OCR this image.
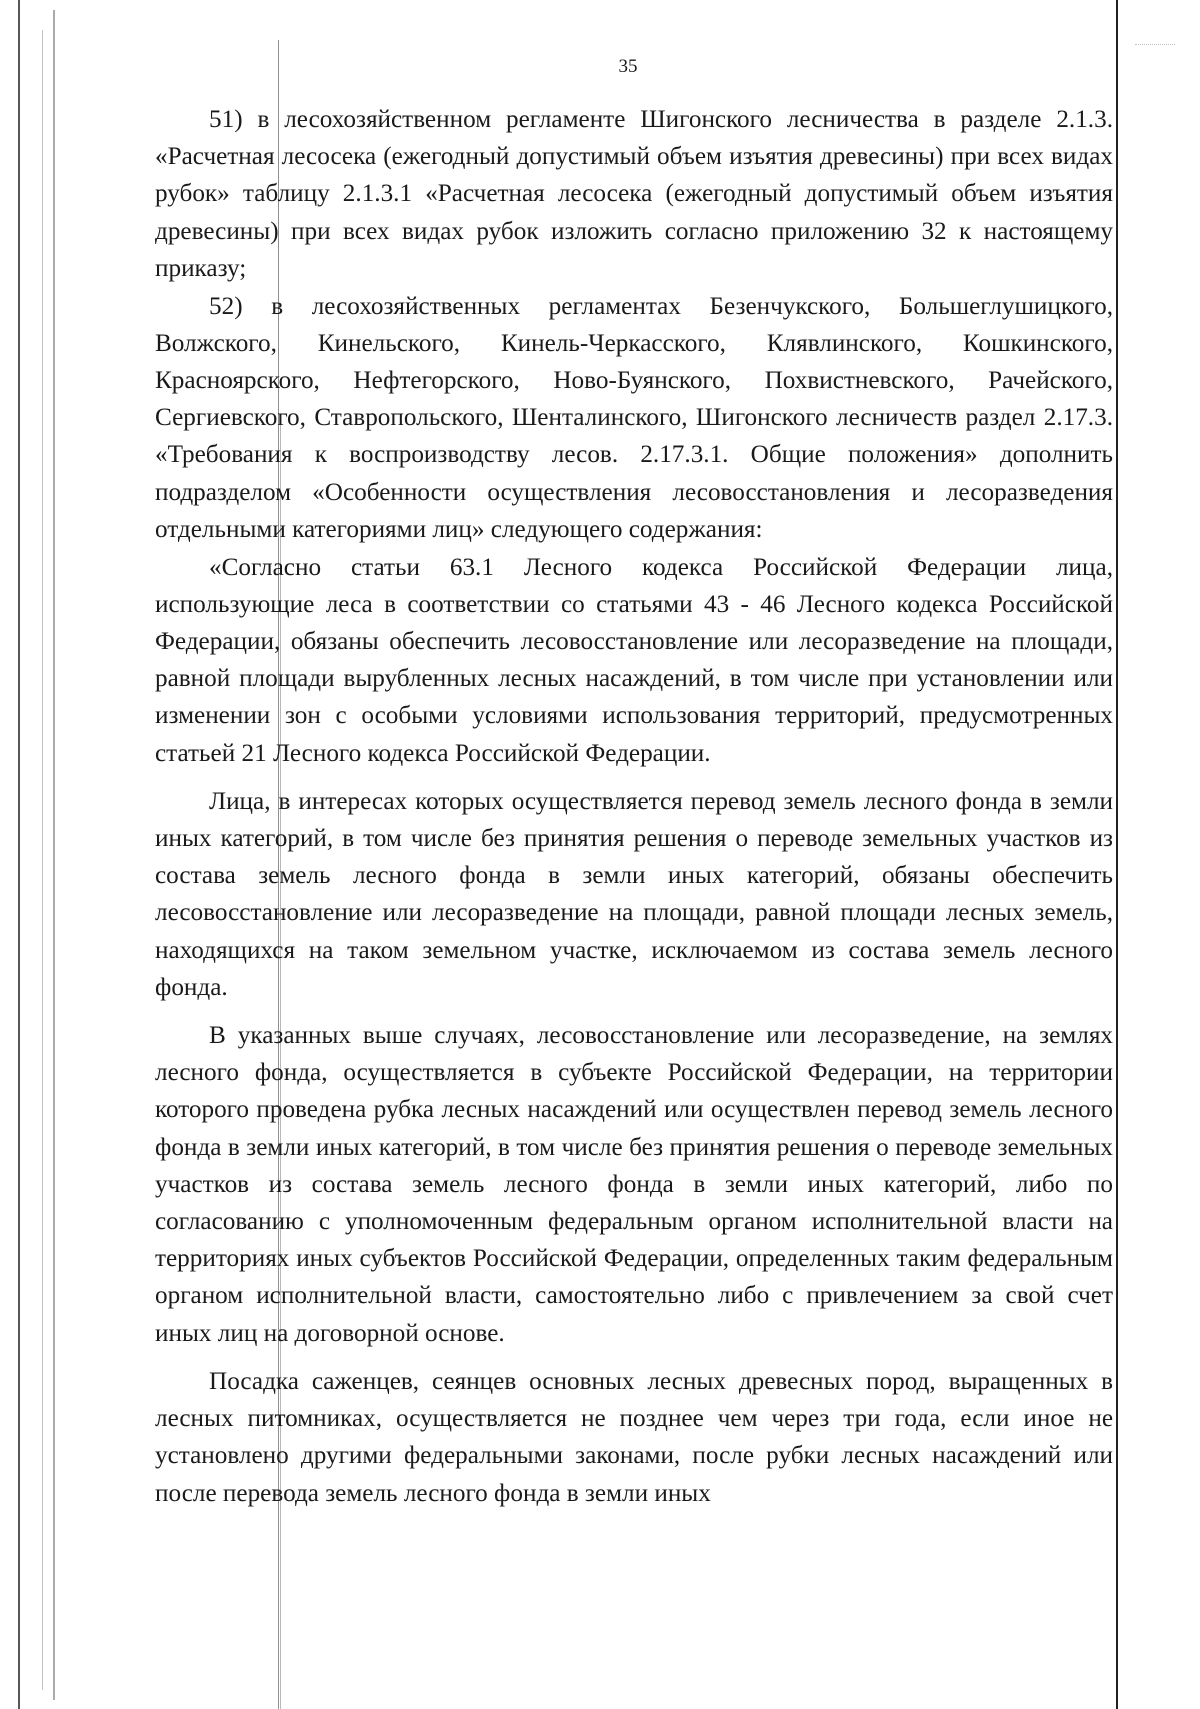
35

51) в лесохозяйственном регламенте Шигонского лесничества в разделе 2.1.3. «Расчетная лесосека (ежегодный допустимый объем изъятия древесины) при всех видах рубок» таблицу 2.1.3.1 «Расчетная лесосека (ежегодный допустимый объем изъятия древесины) при всех видах рубок изложить согласно приложению 32 к настоящему приказу;

52) в лесохозяйственных регламентах Безенчукского, Большеглушицкого, Волжского, Кинельского, Кинель-Черкасского, Клявлинского, Кошкинского, Красноярского, Нефтегорского, Ново-Буянского, Похвистневского, Рачейского, Сергиевского, Ставропольского, Шенталинского, Шигонского лесничеств раздел 2.17.3. «Требования к воспроизводству лесов. 2.17.3.1. Общие положения» дополнить подразделом «Особенности осуществления лесовосстановления и лесоразведения отдельными категориями лиц» следующего содержания:

«Согласно статьи 63.1 Лесного кодекса Российской Федерации лица, использующие леса в соответствии со статьями 43 - 46 Лесного кодекса Российской Федерации, обязаны обеспечить лесовосстановление или лесоразведение на площади, равной площади вырубленных лесных насаждений, в том числе при установлении или изменении зон с особыми условиями использования территорий, предусмотренных статьей 21 Лесного кодекса Российской Федерации.

Лица, в интересах которых осуществляется перевод земель лесного фонда в земли иных категорий, в том числе без принятия решения о переводе земельных участков из состава земель лесного фонда в земли иных категорий, обязаны обеспечить лесовосстановление или лесоразведение на площади, равной площади лесных земель, находящихся на таком земельном участке, исключаемом из состава земель лесного фонда.

В указанных выше случаях, лесовосстановление или лесоразведение, на землях лесного фонда, осуществляется в субъекте Российской Федерации, на территории которого проведена рубка лесных насаждений или осуществлен перевод земель лесного фонда в земли иных категорий, в том числе без принятия решения о переводе земельных участков из состава земель лесного фонда в земли иных категорий, либо по согласованию с уполномоченным федеральным органом исполнительной власти на территориях иных субъектов Российской Федерации, определенных таким федеральным органом исполнительной власти, самостоятельно либо с привлечением за свой счет иных лиц на договорной основе.

Посадка саженцев, сеянцев основных лесных древесных пород, выращенных в лесных питомниках, осуществляется не позднее чем через три года, если иное не установлено другими федеральными законами, после рубки лесных насаждений или после перевода земель лесного фонда в земли иных
